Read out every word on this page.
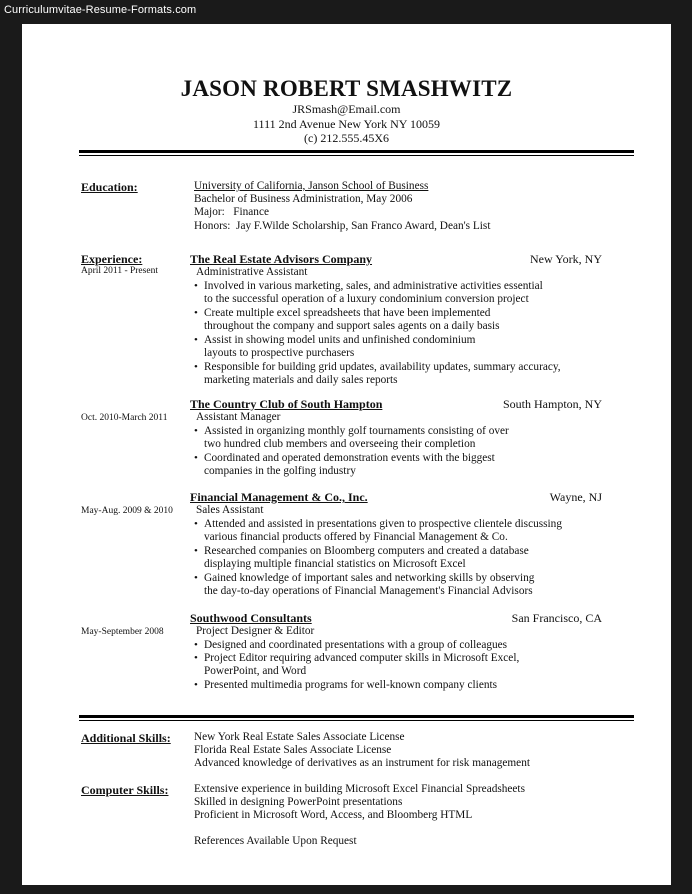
Curriculumvitae-Resume-Formats.com
JASON ROBERT SMASHWITZ
JRSmash@Email.com
1111 2nd Avenue New York NY 10059
(c) 212.555.45X6
Education:	University of California, Janson School of Business
Bachelor of Business Administration, May 2006
Major:   Finance
Honors:  Jay F.Wilde Scholarship, San Franco Award, Dean's List
Experience:	The Real Estate Advisors Company	New York, NY
April 2011 - Present	Administrative Assistant
• Involved in various marketing, sales, and administrative activities essential
to the successful operation of a luxury condominium conversion project
• Create multiple excel spreadsheets that have been implemented
throughout the company and support sales agents on a daily basis
• Assist in showing model units and unfinished condominium
layouts to prospective purchasers
• Responsible for building grid updates, availability updates, summary accuracy,
marketing materials and daily sales reports
The Country Club of South Hampton	South Hampton, NY
Oct. 2010-March 2011	Assistant Manager
• Assisted in organizing monthly golf tournaments consisting of over
two hundred club members and overseeing their completion
• Coordinated and operated demonstration events with the biggest
companies in the golfing industry
Financial Management & Co., Inc.	Wayne, NJ
May-Aug. 2009 & 2010 Sales Assistant
• Attended and assisted in presentations given to prospective clientele discussing
various financial products offered by Financial Management & Co.
• Researched companies on Bloomberg computers and created a database
displaying multiple financial statistics on Microsoft Excel
• Gained knowledge of important sales and networking skills by observing
the day-to-day operations of Financial Management's Financial Advisors
Southwood Consultants	San Francisco, CA
May-September 2008	Project Designer & Editor
• Designed and coordinated presentations with a group of colleagues
• Project Editor requiring advanced computer skills in Microsoft Excel,
PowerPoint, and Word
• Presented multimedia programs for well-known company clients
Additional Skills: New York Real Estate Sales Associate License
Florida Real Estate Sales Associate License
Advanced knowledge of derivatives as an instrument for risk management
Computer Skills: Extensive experience in building Microsoft Excel Financial Spreadsheets
Skilled in designing PowerPoint presentations
Proficient in Microsoft Word, Access, and Bloomberg HTML
References Available Upon Request
